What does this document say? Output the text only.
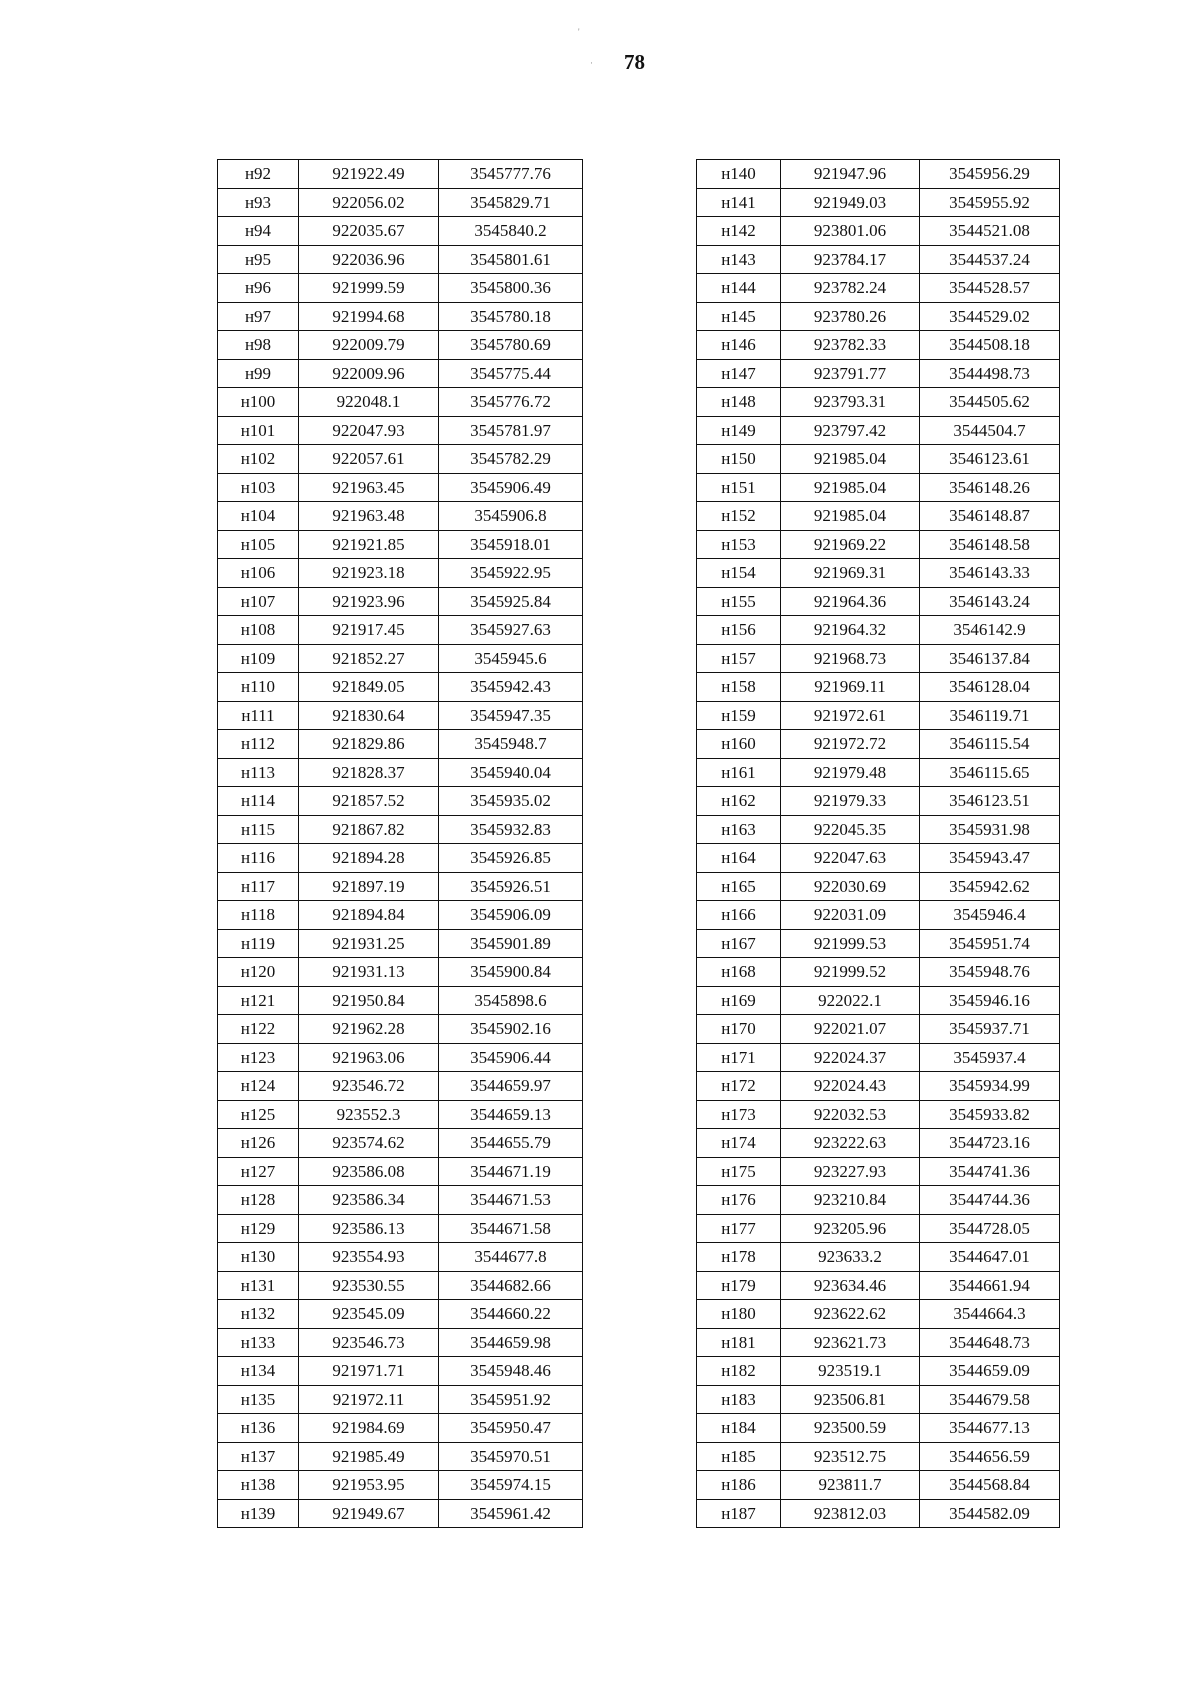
78
'
·
н92	921922.49	3545777.76
н93	922056.02	3545829.71
н94	922035.67	3545840.2
н95	922036.96	3545801.61
н96	921999.59	3545800.36
н97	921994.68	3545780.18
н98	922009.79	3545780.69
н99	922009.96	3545775.44
н100	922048.1	3545776.72
н101	922047.93	3545781.97
н102	922057.61	3545782.29
н103	921963.45	3545906.49
н104	921963.48	3545906.8
н105	921921.85	3545918.01
н106	921923.18	3545922.95
н107	921923.96	3545925.84
н108	921917.45	3545927.63
н109	921852.27	3545945.6
н110	921849.05	3545942.43
н111	921830.64	3545947.35
н112	921829.86	3545948.7
н113	921828.37	3545940.04
н114	921857.52	3545935.02
н115	921867.82	3545932.83
н116	921894.28	3545926.85
н117	921897.19	3545926.51
н118	921894.84	3545906.09
н119	921931.25	3545901.89
н120	921931.13	3545900.84
н121	921950.84	3545898.6
н122	921962.28	3545902.16
н123	921963.06	3545906.44
н124	923546.72	3544659.97
н125	923552.3	3544659.13
н126	923574.62	3544655.79
н127	923586.08	3544671.19
н128	923586.34	3544671.53
н129	923586.13	3544671.58
н130	923554.93	3544677.8
н131	923530.55	3544682.66
н132	923545.09	3544660.22
н133	923546.73	3544659.98
н134	921971.71	3545948.46
н135	921972.11	3545951.92
н136	921984.69	3545950.47
н137	921985.49	3545970.51
н138	921953.95	3545974.15
н139	921949.67	3545961.42
н140	921947.96	3545956.29
н141	921949.03	3545955.92
н142	923801.06	3544521.08
н143	923784.17	3544537.24
н144	923782.24	3544528.57
н145	923780.26	3544529.02
н146	923782.33	3544508.18
н147	923791.77	3544498.73
н148	923793.31	3544505.62
н149	923797.42	3544504.7
н150	921985.04	3546123.61
н151	921985.04	3546148.26
н152	921985.04	3546148.87
н153	921969.22	3546148.58
н154	921969.31	3546143.33
н155	921964.36	3546143.24
н156	921964.32	3546142.9
н157	921968.73	3546137.84
н158	921969.11	3546128.04
н159	921972.61	3546119.71
н160	921972.72	3546115.54
н161	921979.48	3546115.65
н162	921979.33	3546123.51
н163	922045.35	3545931.98
н164	922047.63	3545943.47
н165	922030.69	3545942.62
н166	922031.09	3545946.4
н167	921999.53	3545951.74
н168	921999.52	3545948.76
н169	922022.1	3545946.16
н170	922021.07	3545937.71
н171	922024.37	3545937.4
н172	922024.43	3545934.99
н173	922032.53	3545933.82
н174	923222.63	3544723.16
н175	923227.93	3544741.36
н176	923210.84	3544744.36
н177	923205.96	3544728.05
н178	923633.2	3544647.01
н179	923634.46	3544661.94
н180	923622.62	3544664.3
н181	923621.73	3544648.73
н182	923519.1	3544659.09
н183	923506.81	3544679.58
н184	923500.59	3544677.13
н185	923512.75	3544656.59
н186	923811.7	3544568.84
н187	923812.03	3544582.09
